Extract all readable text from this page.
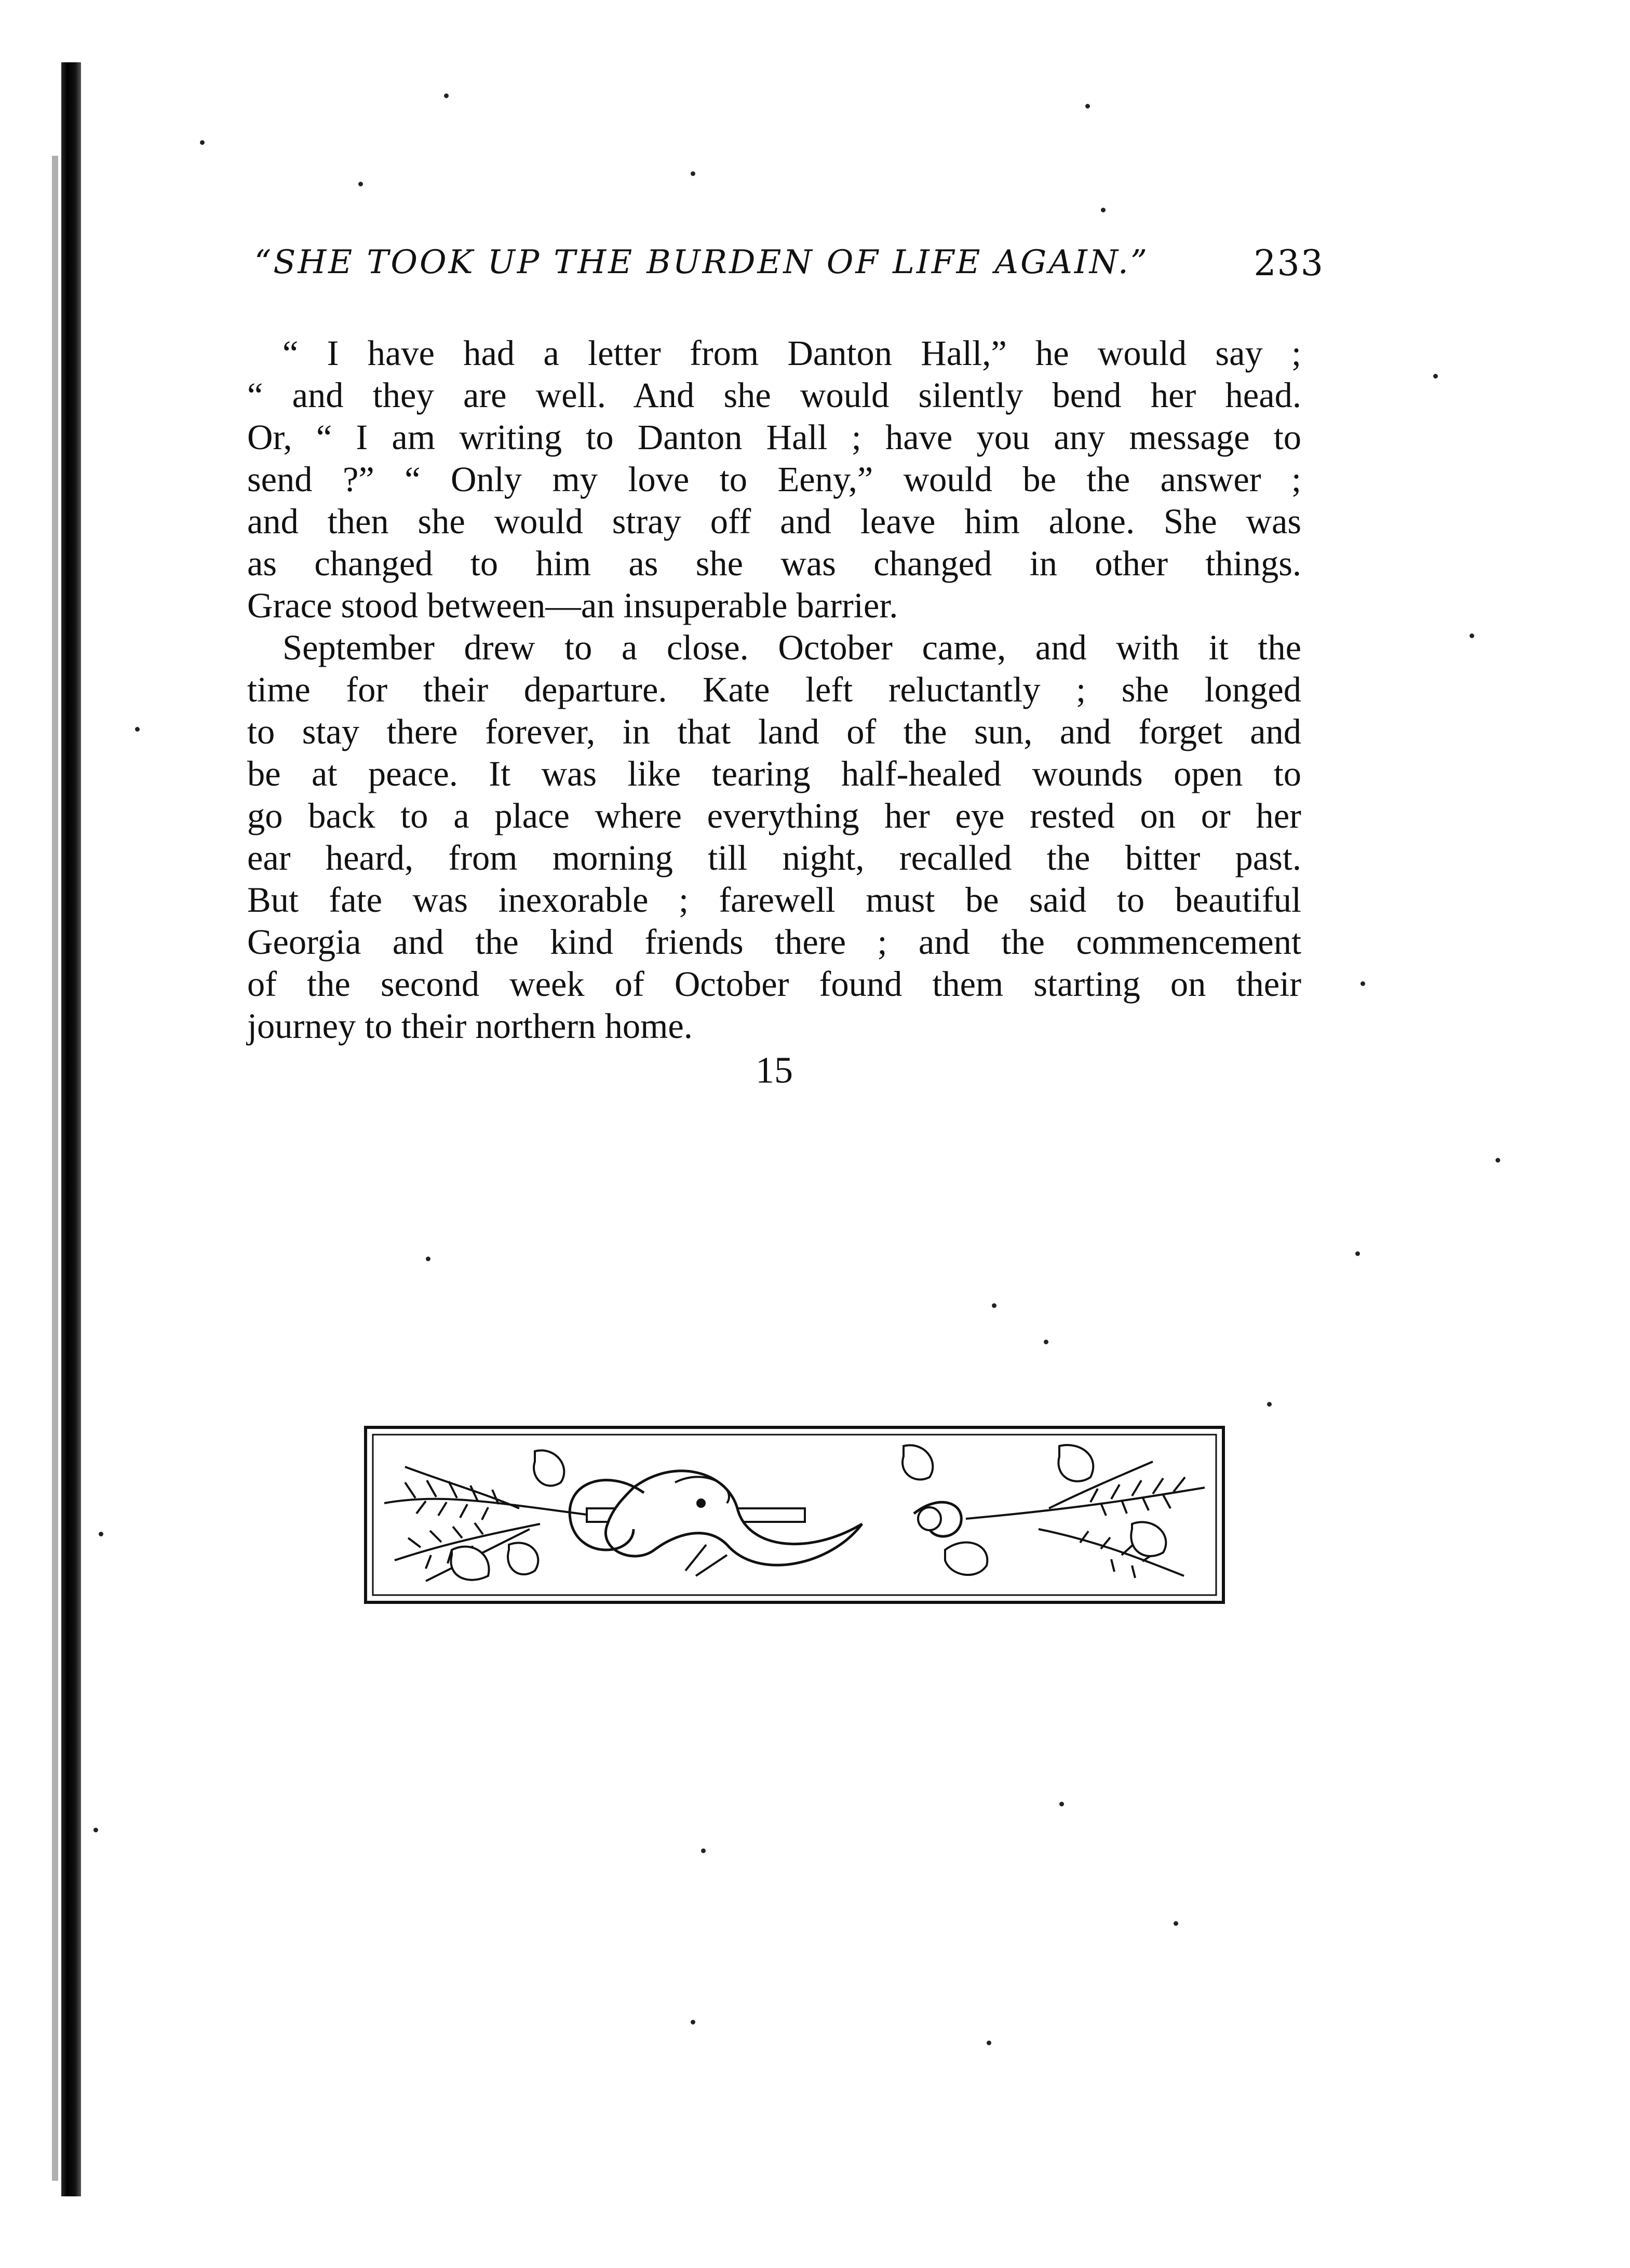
“SHE TOOK UP THE BURDEN OF LIFE AGAIN.”	233
“ I have had a letter from Danton Hall,” he would say ;
“ and they are well. And she would silently bend her head.
Or, “ I am writing to Danton Hall ; have you any message to
send ?” “ Only my love to Eeny,” would be the answer ;
and then she would stray off and leave him alone. She was
as changed to him as she was changed in other things.
Grace stood between—an insuperable barrier.
September drew to a close. October came, and with it the
time for their departure. Kate left reluctantly ; she longed
to stay there forever, in that land of the sun, and forget and
be at peace. It was like tearing half-healed wounds open to
go back to a place where everything her eye rested on or her
ear heard, from morning till night, recalled the bitter past.
But fate was inexorable ; farewell must be said to beautiful
Georgia and the kind friends there ; and the commencement
of the second week of October found them starting on their
journey to their northern home.
15
